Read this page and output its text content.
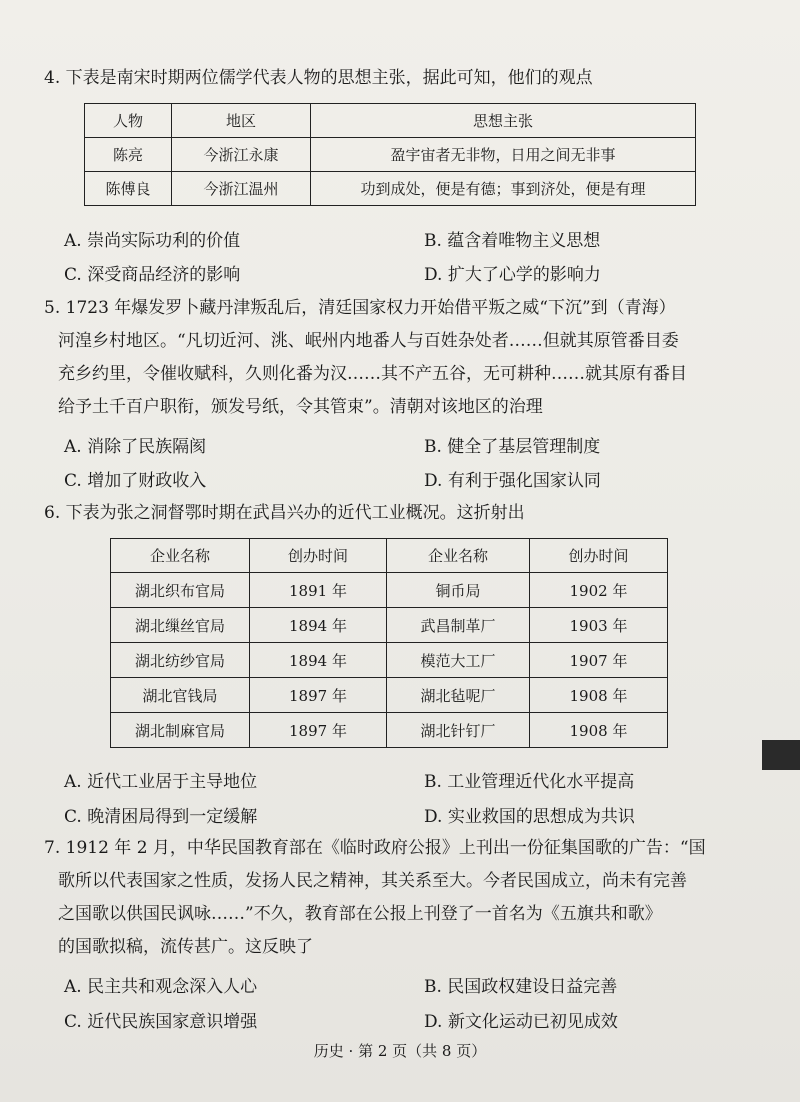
4. 下表是南宋时期两位儒学代表人物的思想主张，据此可知，他们的观点
人物	地区	思想主张
陈亮	今浙江永康	盈宇宙者无非物，日用之间无非事
陈傅良	今浙江温州	功到成处，便是有德；事到济处，便是有理
A. 崇尚实际功利的价值	B. 蕴含着唯物主义思想
C. 深受商品经济的影响	D. 扩大了心学的影响力
5. 1723 年爆发罗卜藏丹津叛乱后，清廷国家权力开始借平叛之威“下沉”到（青海）
河湟乡村地区。“凡切近河、洮、岷州内地番人与百姓杂处者……但就其原管番目委
充乡约里，令催收赋科，久则化番为汉……其不产五谷，无可耕种……就其原有番目
给予土千百户职衔，颁发号纸，令其管束”。清朝对该地区的治理
A. 消除了民族隔阂	B. 健全了基层管理制度
C. 增加了财政收入	D. 有利于强化国家认同
6. 下表为张之洞督鄂时期在武昌兴办的近代工业概况。这折射出
企业名称	创办时间	企业名称	创办时间
湖北织布官局	1891 年	铜币局	1902 年
湖北缫丝官局	1894 年	武昌制革厂	1903 年
湖北纺纱官局	1894 年	模范大工厂	1907 年
湖北官钱局	1897 年	湖北毡呢厂	1908 年
湖北制麻官局	1897 年	湖北针钉厂	1908 年
A. 近代工业居于主导地位	B. 工业管理近代化水平提高
C. 晚清困局得到一定缓解	D. 实业救国的思想成为共识
7. 1912 年 2 月，中华民国教育部在《临时政府公报》上刊出一份征集国歌的广告：“国
歌所以代表国家之性质，发扬人民之精神，其关系至大。今者民国成立，尚未有完善
之国歌以供国民讽咏……”不久，教育部在公报上刊登了一首名为《五旗共和歌》
的国歌拟稿，流传甚广。这反映了
A. 民主共和观念深入人心	B. 民国政权建设日益完善
C. 近代民族国家意识增强	D. 新文化运动已初见成效
历史 · 第 2 页（共 8 页）
